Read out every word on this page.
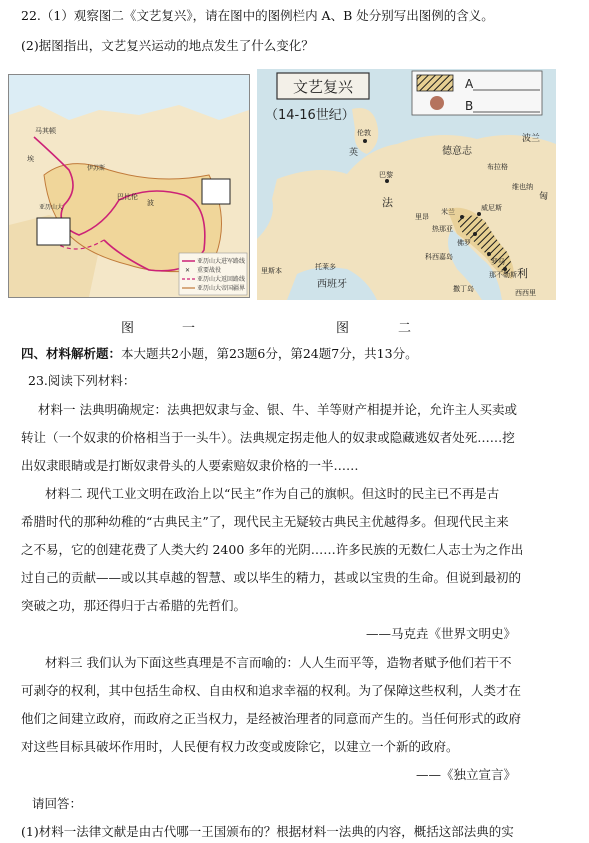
22.（1）观察图二《文艺复兴》，请在图中的图例栏内 A、B 处分别写出图例的含义。
(2)据图指出，文艺复兴运动的地点发生了什么变化？
马其顿
亚历山大
巴比伦
波
埃
伊苏斯
亚历山大进军路线
✕ 重要战役
亚历山大返回路线
亚历山大帝国疆界
文艺复兴
（14-16世纪）
A
B
伦敦
英
巴黎
法
里昂
德意志
波兰
布拉格
维也纳
匈
米兰	威尼斯
热那亚
佛罗
罗马
那不勒斯 利
科西嘉岛
撒丁岛	西西里
托莱多
西班牙
里斯本
图	一	图	二
四、材料解析题：本大题共2小题，第23题6分，第24题7分，共13分。
23.阅读下列材料：
材料一 法典明确规定：法典把奴隶与金、银、牛、羊等财产相提并论，允许主人买卖或
转让（一个奴隶的价格相当于一头牛）。法典规定拐走他人的奴隶或隐藏逃奴者处死……挖
出奴隶眼睛或是打断奴隶骨头的人要索赔奴隶价格的一半……
材料二 现代工业文明在政治上以“民主”作为自己的旗帜。但这时的民主已不再是古
希腊时代的那种幼稚的“古典民主”了，现代民主无疑较古典民主优越得多。但现代民主来
之不易，它的创建花费了人类大约 2400 多年的光阴……许多民族的无数仁人志士为之作出
过自己的贡献——或以其卓越的智慧、或以毕生的精力，甚或以宝贵的生命。但说到最初的
突破之功，那还得归于古希腊的先哲们。
——马克垚《世界文明史》
材料三 我们认为下面这些真理是不言而喻的：人人生而平等，造物者赋予他们若干不
可剥夺的权利，其中包括生命权、自由权和追求幸福的权利。为了保障这些权利，人类才在
他们之间建立政府，而政府之正当权力，是经被治理者的同意而产生的。当任何形式的政府
对这些目标具破坏作用时，人民便有权力改变或废除它，以建立一个新的政府。
——《独立宣言》
请回答：
(1)材料一法律文献是由古代哪一王国颁布的？根据材料一法典的内容，概括这部法典的实
